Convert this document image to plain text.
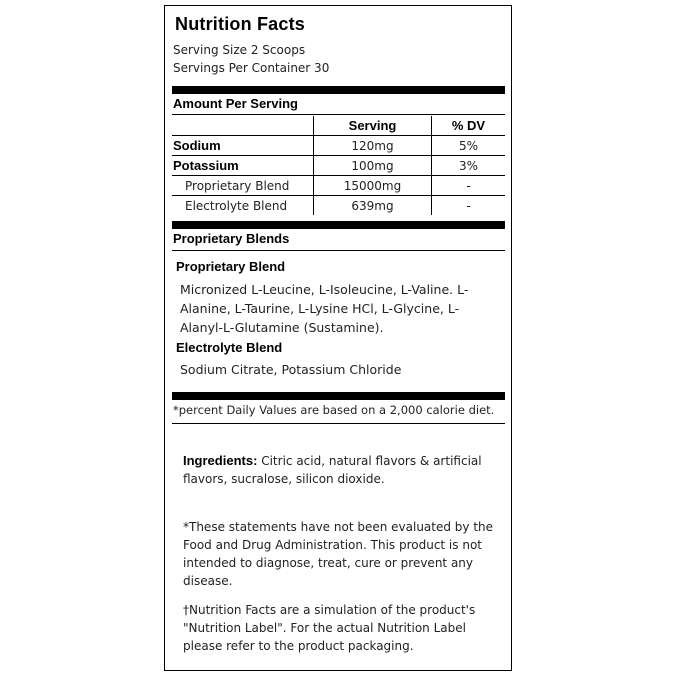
Nutrition Facts
Serving Size 2 Scoops
Servings Per Container 30
Amount Per Serving
	Serving	% DV
Sodium	120mg	5%
Potassium	100mg	3%
Proprietary Blend	15000mg	-
Electrolyte Blend	639mg	-
Proprietary Blends
Proprietary Blend
Micronized L-Leucine, L-Isoleucine, L-Valine. L-Alanine, L-Taurine, L-Lysine HCl, L-Glycine, L-Alanyl-L-Glutamine (Sustamine).
Electrolyte Blend
Sodium Citrate, Potassium Chloride
*percent Daily Values are based on a 2,000 calorie diet.
Ingredients: Citric acid, natural flavors & artificial flavors, sucralose, silicon dioxide.
*These statements have not been evaluated by the Food and Drug Administration. This product is not intended to diagnose, treat, cure or prevent any disease.
†Nutrition Facts are a simulation of the product's "Nutrition Label". For the actual Nutrition Label please refer to the product packaging.
